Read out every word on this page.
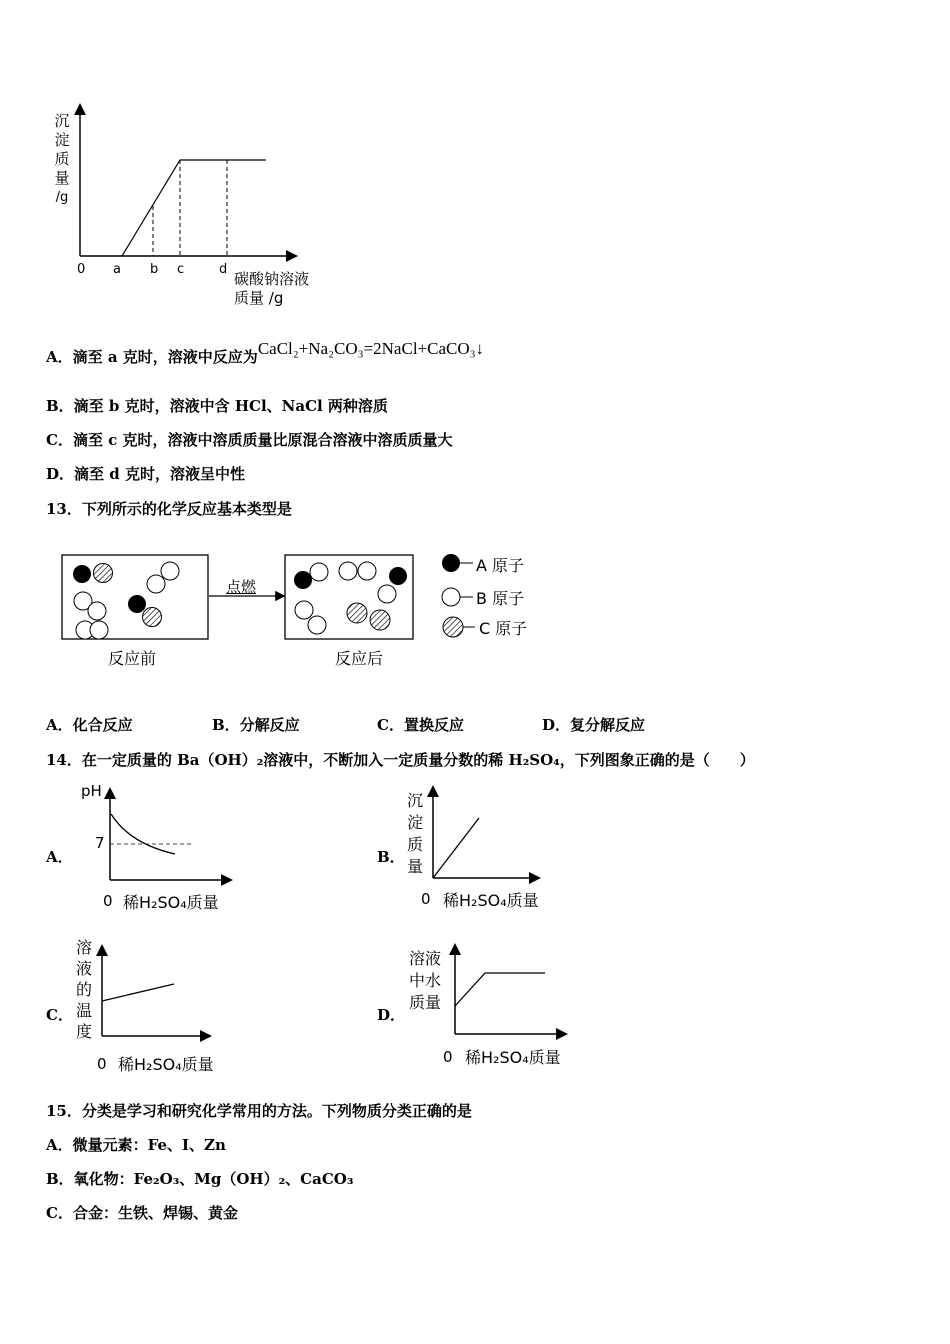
沉
淀
质
量
/g
0 a b c	d
碳酸钠溶液
质量 /g
A．滴至 a 克时，溶液中反应为CaCl₂+Na₂CO₃=2NaCl+CaCO₃↓
B．滴至 b 克时，溶液中含 HCl、NaCl 两种溶质
C．滴至 c 克时，溶液中溶质质量比原混合溶液中溶质质量大
D．滴至 d 克时，溶液呈中性
13．下列所示的化学反应基本类型是
点燃
反应前	反应后
A 原子
B 原子
C 原子
A．化合反应	B．分解反应	C．置换反应	D．复分解反应
14．在一定质量的 Ba（OH）₂溶液中，不断加入一定质量分数的稀 H₂SO₄，下列图象正确的是（　　）
A．
pH
7
0 稀H₂SO₄质量
B．
沉
淀
质
量
0 稀H₂SO₄质量
C．
溶
液
的
温
度
0 稀H₂SO₄质量
D．
溶液
中水
质量
0 稀H₂SO₄质量
15．分类是学习和研究化学常用的方法。下列物质分类正确的是
A．微量元素：Fe、I、Zn
B．氧化物：Fe₂O₃、Mg（OH）₂、CaCO₃
C．合金：生铁、焊锡、黄金
